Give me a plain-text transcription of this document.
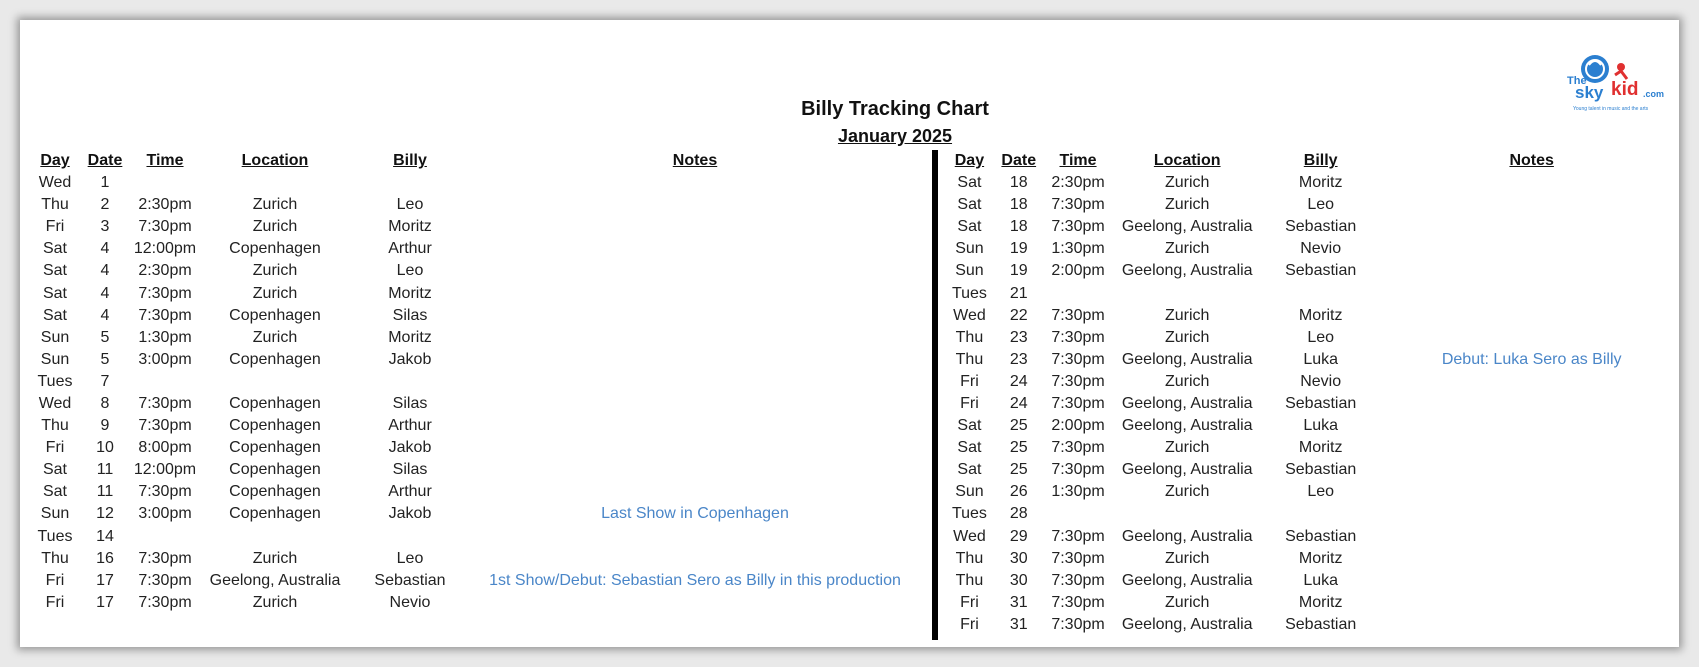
The
sky kid .com
Young talent in music and the arts
Billy Tracking Chart
January 2025
Day	Date	Time	Location	Billy	Notes
Wed	1				
Thu	2	2:30pm	Zurich	Leo	
Fri	3	7:30pm	Zurich	Moritz	
Sat	4	12:00pm	Copenhagen	Arthur	
Sat	4	2:30pm	Zurich	Leo	
Sat	4	7:30pm	Zurich	Moritz	
Sat	4	7:30pm	Copenhagen	Silas	
Sun	5	1:30pm	Zurich	Moritz	
Sun	5	3:00pm	Copenhagen	Jakob	
Tues	7				
Wed	8	7:30pm	Copenhagen	Silas	
Thu	9	7:30pm	Copenhagen	Arthur	
Fri	10	8:00pm	Copenhagen	Jakob	
Sat	11	12:00pm	Copenhagen	Silas	
Sat	11	7:30pm	Copenhagen	Arthur	
Sun	12	3:00pm	Copenhagen	Jakob	Last Show in Copenhagen
Tues	14				
Thu	16	7:30pm	Zurich	Leo	
Fri	17	7:30pm	Geelong, Australia	Sebastian	1st Show/Debut: Sebastian Sero as Billy in this production
Fri	17	7:30pm	Zurich	Nevio	
Day	Date	Time	Location	Billy	Notes
Sat	18	2:30pm	Zurich	Moritz	
Sat	18	7:30pm	Zurich	Leo	
Sat	18	7:30pm	Geelong, Australia	Sebastian	
Sun	19	1:30pm	Zurich	Nevio	
Sun	19	2:00pm	Geelong, Australia	Sebastian	
Tues	21				
Wed	22	7:30pm	Zurich	Moritz	
Thu	23	7:30pm	Zurich	Leo	
Thu	23	7:30pm	Geelong, Australia	Luka	Debut: Luka Sero as Billy
Fri	24	7:30pm	Zurich	Nevio	
Fri	24	7:30pm	Geelong, Australia	Sebastian	
Sat	25	2:00pm	Geelong, Australia	Luka	
Sat	25	7:30pm	Zurich	Moritz	
Sat	25	7:30pm	Geelong, Australia	Sebastian	
Sun	26	1:30pm	Zurich	Leo	
Tues	28				
Wed	29	7:30pm	Geelong, Australia	Sebastian	
Thu	30	7:30pm	Zurich	Moritz	
Thu	30	7:30pm	Geelong, Australia	Luka	
Fri	31	7:30pm	Zurich	Moritz	
Fri	31	7:30pm	Geelong, Australia	Sebastian	
